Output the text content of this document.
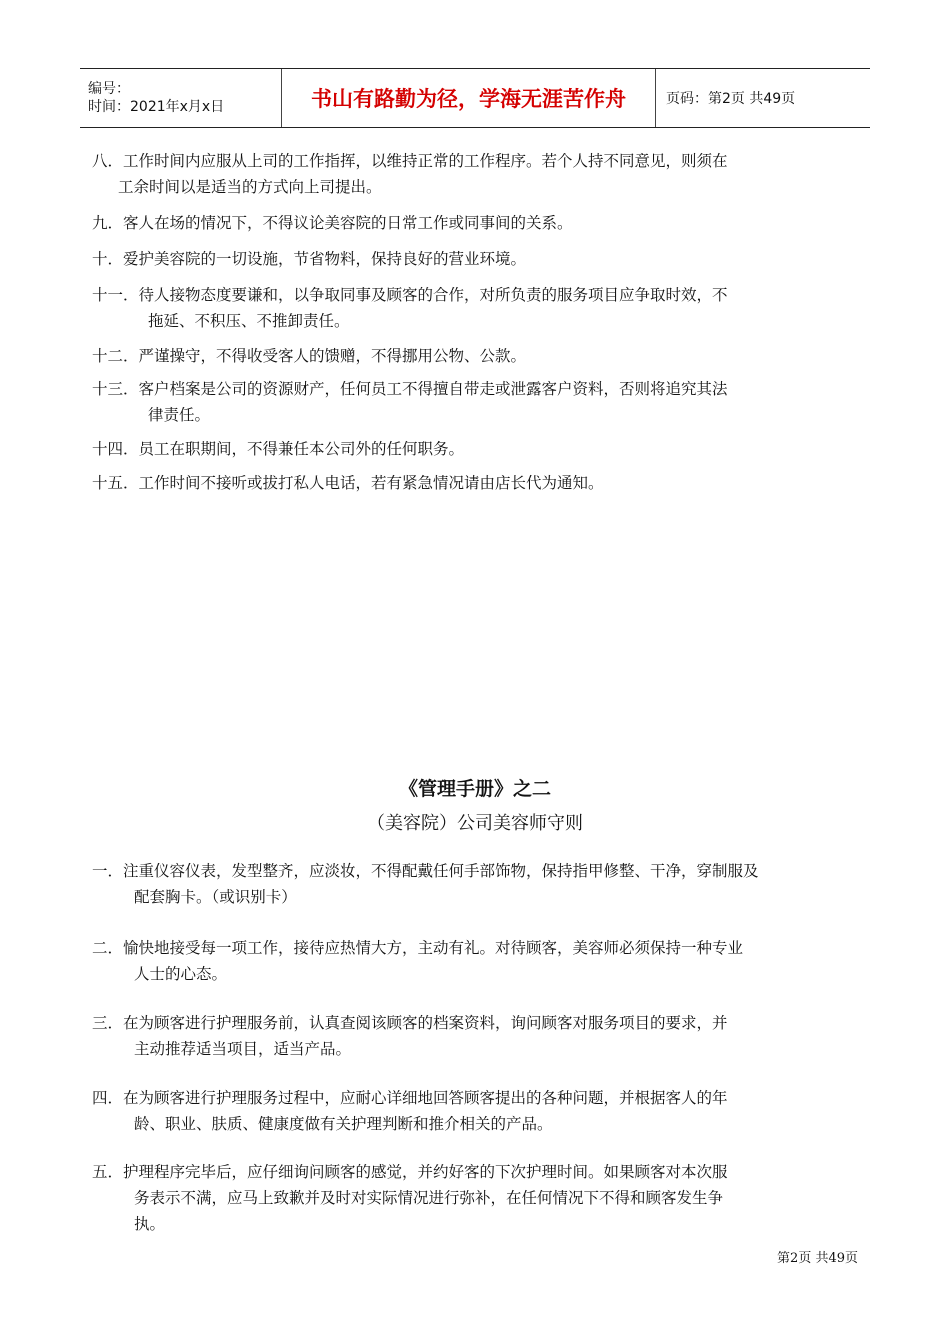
编号：
时间：2021年x月x日	书山有路勤为径，学海无涯苦作舟	页码：第2页 共49页
八．工作时间内应服从上司的工作指挥，以维持正常的工作程序。若个人持不同意见，则须在
工余时间以是适当的方式向上司提出。
九．客人在场的情况下，不得议论美容院的日常工作或同事间的关系。
十．爱护美容院的一切设施，节省物料，保持良好的营业环境。
十一．待人接物态度要谦和，以争取同事及顾客的合作，对所负责的服务项目应争取时效，不
拖延、不积压、不推卸责任。
十二．严谨操守，不得收受客人的馈赠，不得挪用公物、公款。
十三．客户档案是公司的资源财产，任何员工不得擅自带走或泄露客户资料，否则将追究其法
律责任。
十四．员工在职期间，不得兼任本公司外的任何职务。
十五．工作时间不接听或拔打私人电话，若有紧急情况请由店长代为通知。
《管理手册》之二
（美容院）公司美容师守则
一．注重仪容仪表，发型整齐，应淡妆，不得配戴任何手部饰物，保持指甲修整、干净，穿制服及
配套胸卡。（或识别卡）
二．愉快地接受每一项工作，接待应热情大方，主动有礼。对待顾客，美容师必须保持一种专业
人士的心态。
三．在为顾客进行护理服务前，认真查阅该顾客的档案资料，询问顾客对服务项目的要求，并
主动推荐适当项目，适当产品。
四．在为顾客进行护理服务过程中，应耐心详细地回答顾客提出的各种问题，并根据客人的年
龄、职业、肤质、健康度做有关护理判断和推介相关的产品。
五．护理程序完毕后，应仔细询问顾客的感觉，并约好客的下次护理时间。如果顾客对本次服
务表示不满，应马上致歉并及时对实际情况进行弥补，在任何情况下不得和顾客发生争
执。
第2页 共49页
